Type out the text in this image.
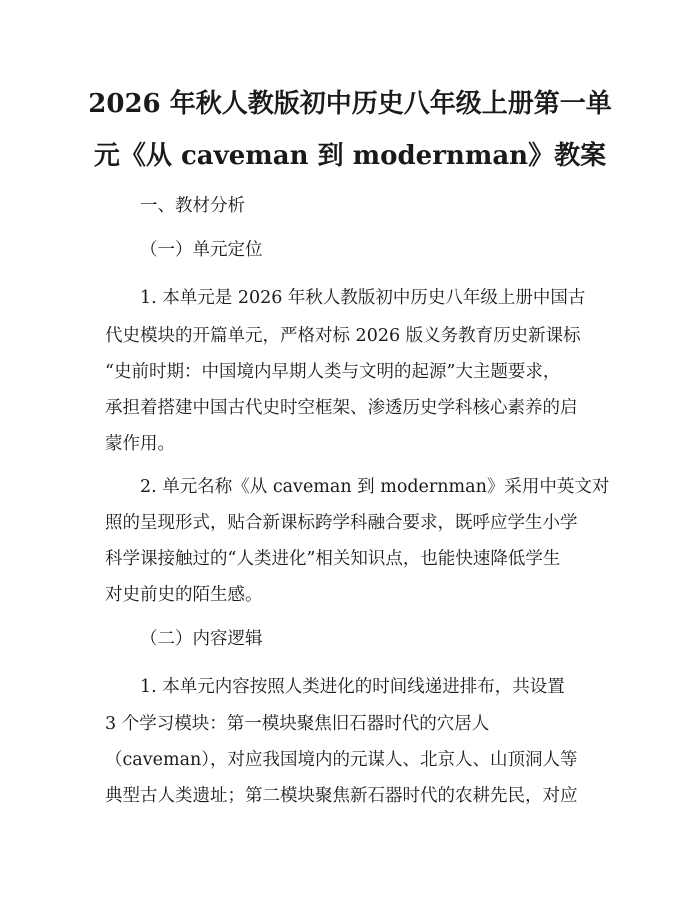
2026 年秋人教版初中历史八年级上册第一单
元《从 caveman 到 modernman》教案
一、教材分析
（一）单元定位
1. 本单元是 2026 年秋人教版初中历史八年级上册中国古
代史模块的开篇单元，严格对标 2026 版义务教育历史新课标
“史前时期：中国境内早期人类与文明的起源”大主题要求，
承担着搭建中国古代史时空框架、渗透历史学科核心素养的启
蒙作用。
2. 单元名称《从 caveman 到 modernman》采用中英文对
照的呈现形式，贴合新课标跨学科融合要求，既呼应学生小学
科学课接触过的“人类进化”相关知识点，也能快速降低学生
对史前史的陌生感。
（二）内容逻辑
1. 本单元内容按照人类进化的时间线递进排布，共设置
3 个学习模块：第一模块聚焦旧石器时代的穴居人
（caveman），对应我国境内的元谋人、北京人、山顶洞人等
典型古人类遗址；第二模块聚焦新石器时代的农耕先民，对应
